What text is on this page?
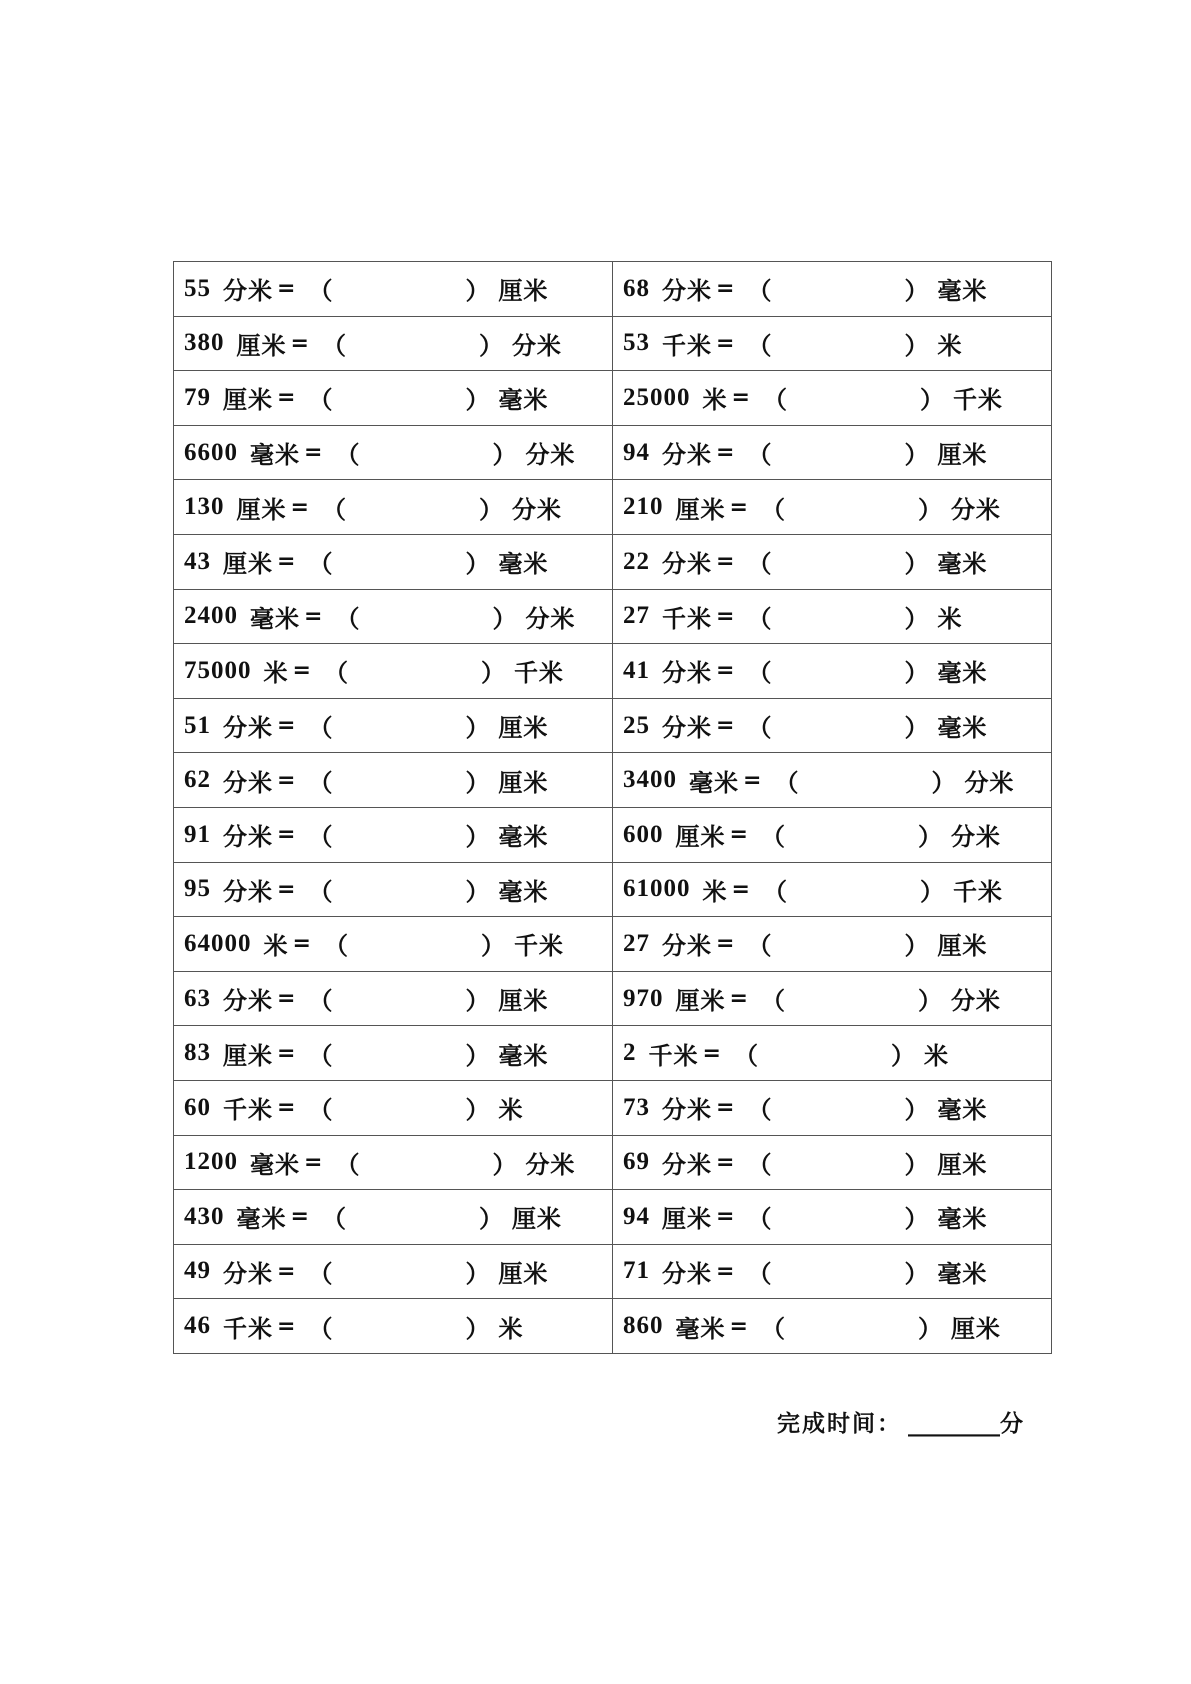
55 分米 = （	） 厘米	68 分米 = （	） 毫米

380 厘米 = （	） 分米	53 千米 = （	） 米

79 厘米 = （	） 毫米	25000 米 = （	） 千米

6600 毫米 = （	） 分米	94 分米 = （	） 厘米

130 厘米 = （	） 分米	210 厘米 = （	） 分米

43 厘米 = （	） 毫米	22 分米 = （	） 毫米

2400 毫米 = （	） 分米	27 千米 = （	） 米

75000 米 = （	） 千米	41 分米 = （	） 毫米

51 分米 = （	） 厘米	25 分米 = （	） 毫米

62 分米 = （	） 厘米	3400 毫米 = （	） 分米

91 分米 = （	） 毫米	600 厘米 = （	） 分米

95 分米 = （	） 毫米	61000 米 = （	） 千米

64000 米 = （	） 千米	27 分米 = （	） 厘米

63 分米 = （	） 厘米	970 厘米 = （	） 分米

83 厘米 = （	） 毫米	2 千米 = （	） 米

60 千米 = （	） 米	73 分米 = （	） 毫米

1200 毫米 = （	） 分米	69 分米 = （	） 厘米

430 毫米 = （	） 厘米	94 厘米 = （	） 毫米

49 分米 = （	） 厘米	71 分米 = （	） 毫米

46 千米 = （	） 米	860 毫米 = （	） 厘米
完成时间： ________分
